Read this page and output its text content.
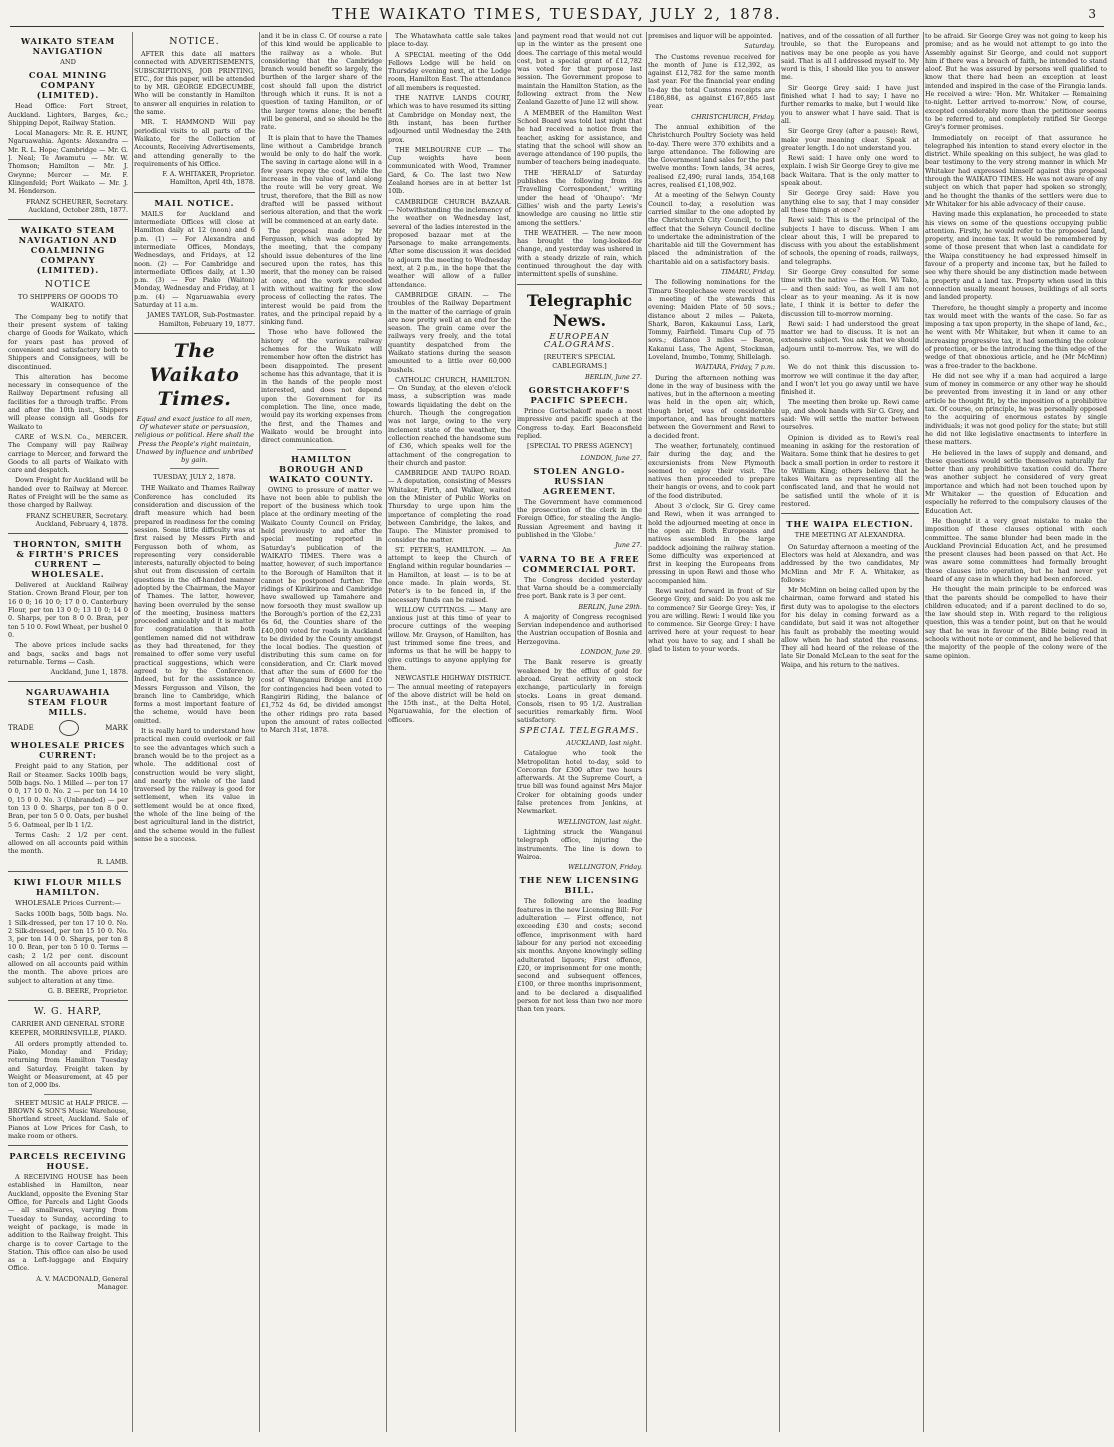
THE WAIKATO TIMES, TUESDAY, JULY 2, 1878.	3
WAIKATO STEAM NAVIGATION
AND
COAL MINING COMPANY (LIMITED).

Head Office: Fort Street, Auckland. Lighters, Barges, &c.; Shipping Depot, Railway Station.

Local Managers: Mr. R. E. HUNT, Ngaruawahia. Agents: Alexandra — Mr. R. L. Hope; Cambridge — Mr. G. J. Neal; Te Awamutu — Mr. W. Thomson; Hamilton — Mr. J. Gwynne; Mercer — Mr. F. Klingenfeld; Port Waikato — Mr. J. M. Henderson.

FRANZ SCHEURER, Secretary. Auckland, October 28th, 1877.
WAIKATO STEAM NAVIGATION AND COALMINING COMPANY (LIMITED).
NOTICE
TO SHIPPERS OF GOODS TO WAIKATO.

The Company beg to notify that their present system of taking charge of Goods for Waikato, which for years past has proved of convenient and satisfactory both to Shippers and Consignees, will be discontinued.

This alteration has become necessary in consequence of the Railway Department refusing all facilities for a through traffic. From and after the 10th inst., Shippers will please consign all Goods for Waikato to

CARE of W.S.N. Co., MERCER. The Company will pay Railway carriage to Mercer, and forward the Goods to all parts of Waikato with care and despatch.

Down Freight for Auckland will be handed over to Railway at Mercer. Rates of Freight will be the same as those charged by Railway.

FRANZ SCHEURER, Secretary. Auckland, February 4, 1878.
THORNTON, SMITH & FIRTH'S PRICES CURRENT — WHOLESALE.

Delivered at Auckland Railway Station. Crown Brand Flour, per ton 16 0 0; 16 10 0; 17 0 0. Canterbury Flour, per ton 13 0 0; 13 10 0; 14 0 0. Sharps, per ton 8 0 0. Bran, per ton 5 10 0. Fowl Wheat, per bushel 0 0.

The above prices include sacks and bags, sacks and bags not returnable. Terms — Cash.

Auckland, June 1, 1878.
NGARUAWAHIA STEAM FLOUR MILLS.
TRADE	MARK
WHOLESALE PRICES CURRENT:

Freight paid to any Station, per Rail or Steamer. Sacks 100lb bags, 50lb bags. No. 1 Milled — per ton 17 0 0, 17 10 0. No. 2 — per ton 14 10 0, 15 0 0. No. 3 (Unbranded) — per ton 13 0 0. Sharps, per ton 8 0 0. Bran, per ton 5 0 0. Oats, per bushel 5 6. Oatmeal, per lb 1 1/2.

Terms Cash: 2 1/2 per cent. allowed on all accounts paid within the month.

R. LAMB.
KIWI FLOUR MILLS HAMILTON.
WHOLESALE Prices Current:—

Sacks 100lb bags, 50lb bags. No. 1 Silk-dressed, per ton 17 10 0. No. 2 Silk-dressed, per ton 15 10 0. No. 3, per ton 14 0 0. Sharps, per ton 8 10 0. Bran, per ton 5 10 0. Terms — cash; 2 1/2 per cent. discount allowed on all accounts paid within the month. The above prices are subject to alteration at any time.

G. B. BEERE, Proprietor.
W. G. HARP,
CARRIER AND GENERAL STORE KEEPER, MORRINSVILLE, PIAKO.

All orders promptly attended to. Piako, Monday and Friday; returning from Hamilton Tuesday and Saturday. Freight taken by Weight or Measurement, at 45 per ton of 2,000 lbs.

SHEET MUSIC at HALF PRICE. — BROWN & SON'S Music Warehouse, Shortland street, Auckland. Sale of Pianos at Low Prices for Cash, to make room or others.

PARCELS RECEIVING HOUSE.

A RECEIVING HOUSE has been established in Hamilton, near Auckland, opposite the Evening Star Office, for Parcels and Light Goods — all smallwares, varying from Tuesday to Sunday, according to weight of package, is made in addition to the Railway freight. This charge is to cover Cartage to the Station. This office can also be used as a Left-luggage and Enquiry Office.

A. V. MACDONALD, General Manager.
NOTICE.

AFTER this date all matters connected with ADVERTISEMENTS, SUBSCRIPTIONS, JOB PRINTING, ETC., for this paper, will be attended to by MR. GEORGE EDGECUMBE, Who will be constantly in Hamilton to answer all enquiries in relation to the same.

MR. T. HAMMOND Will pay periodical visits to all parts of the Waikato, for the Collection of Accounts, Receiving Advertisements, and attending generally to the requirements of his Office.

F. A. WHITAKER, Proprietor. Hamilton, April 4th, 1878.
MAIL NOTICE.

MAILS for Auckland and intermediate Offices will close at Hamilton daily at 12 (noon) and 6 p.m. (1) — For Alexandra and intermediate Offices, Mondays, Wednesdays, and Fridays, at 12 noon. (2) — For Cambridge and intermediate Offices daily, at 1.30 p.m. (3) — For Piako (Waiton) Monday, Wednesday and Friday, at 1 p.m. (4) — Ngaruawahia every Saturday at 11 a.m.

JAMES TAYLOR, Sub-Postmaster. Hamilton, February 19, 1877.
The Waikato Times.
Equal and exact justice to all men, Of whatever state or persuasion, religious or political. Here shall the Press the People's right maintain, Unawed by influence and unbribed by gain.
TUESDAY, JULY 2, 1878.

THE Waikato and Thames Railway Conference has concluded its consideration and discussion of the draft measure which had been prepared in readiness for the coming session. Some little difficulty was at first raised by Messrs Firth and Fergusson both of whom, as representing very considerable interests, naturally objected to being shut out from discussion of certain questions in the off-handed manner adopted by the Chairman, the Mayor of Thames. The latter, however, having been overruled by the sense of the meeting, business matters proceeded amicably and it is matter for congratulation that both gentlemen named did not withdraw as they had threatened, for they remained to offer some very useful practical suggestions, which were agreed to by the Conference. Indeed, but for the assistance by Messrs Fergusson and Vilson, the branch line to Cambridge, which forms a most important feature of the scheme, would have been omitted.

It is really hard to understand how practical men could overlook or fail to see the advantages which such a branch would be to the project as a whole. The additional cost of construction would be very slight, and nearly the whole of the land traversed by the railway is good for settlement, when its value in settlement would be at once fixed, the whole of the line being of the best agricultural land in the district, and the scheme would in the fullest sense be a success.

and it be in class C. Of course a rate of this kind would be applicable to the railway as a whole. But considering that the Cambridge branch would benefit so largely, the burthen of the larger share of the cost should fall upon the district through which it runs. It is not a question of taxing Hamilton, or of the larger towns alone; the benefit will be general, and so should be the rate.

It is plain that to have the Thames line without a Cambridge branch would be only to do half the work. The saving in cartage alone will in a few years repay the cost, while the increase in the value of land along the route will be very great. We trust, therefore, that the Bill as now drafted will be passed without serious alteration, and that the work will be commenced at an early date.

The proposal made by Mr Fergusson, which was adopted by the meeting, that the company should issue debentures of the line secured upon the rates, has this merit, that the money can be raised at once, and the work proceeded with without waiting for the slow process of collecting the rates. The interest would be paid from the rates, and the principal repaid by a sinking fund.

Those who have followed the history of the various railway schemes for the Waikato will remember how often the district has been disappointed. The present scheme has this advantage, that it is in the hands of the people most interested, and does not depend upon the Government for its completion. The line, once made, would pay its working expenses from the first, and the Thames and Waikato would be brought into direct communication.

HAMILTON BOROUGH AND WAIKATO COUNTY.

OWING to pressure of matter we have not been able to publish the report of the business which took place at the ordinary meeting of the Waikato County Council on Friday, held previously to and after the special meeting reported in Saturday's publication of the WAIKATO TIMES. There was a matter, however, of such importance to the Borough of Hamilton that it cannot be postponed further. The ridings of Kirikiriroa and Cambridge have swallowed up Tamahere and now forsooth they must swallow up the Borough's portion of the £2,231 6s 6d, the Counties share of the £40,000 voted for roads in Auckland to be divided by the County amongst the local bodies. The question of distributing this sum came on for consideration, and Cr. Clark moved that after the sum of £600 for the cost of Wanganui Bridge and £100 for contingencies had been voted to Rangiriri Riding, the balance of £1,752 4s 6d, be divided amongst the other ridings pro rata based upon the amount of rates collected to March 31st, 1878.

The Whatawhata cattle sale takes place to-day.

A SPECIAL meeting of the Odd Fellows Lodge will be held on Thursday evening next, at the Lodge room, Hamilton East. The attendance of all members is requested.

THE NATIVE LANDS COURT, which was to have resumed its sitting at Cambridge on Monday next, the 8th instant, has been further adjourned until Wednesday the 24th prox.

THE MELBOURNE CUP. — The Cup weights have been communicated with Wood, Tramner Gard, & Co. The last two New Zealand horses are in at better 1st 10lb.

CAMBRIDGE CHURCH BAZAAR. — Notwithstanding the inclemency of the weather on Wednesday last, several of the ladies interested in the proposed bazaar met at the Parsonage to make arrangements. After some discussion it was decided to adjourn the meeting to Wednesday next, at 2 p.m., in the hope that the weather will allow of a fuller attendance.

CAMBRIDGE GRAIN. — The troubles of the Railway Department in the matter of the carriage of grain are now pretty well at an end for the season. The grain came over the railways very freely, and the total quantity despatched from the Waikato stations during the season amounted to a little over 60,000 bushels.

CATHOLIC CHURCH, HAMILTON. — On Sunday, at the eleven o'clock mass, a subscription was made towards liquidating the debt on the church. Though the congregation was not large, owing to the very inclement state of the weather, the collection reached the handsome sum of £36, which speaks well for the attachment of the congregation to their church and pastor.

CAMBRIDGE AND TAUPO ROAD. — A deputation, consisting of Messrs Whitaker, Firth, and Walker, waited on the Minister of Public Works on Thursday to urge upon him the importance of completing the road between Cambridge, the lakes, and Taupo. The Minister promised to consider the matter.

ST. PETER'S, HAMILTON. — An attempt to keep the Church of England within regular boundaries — in Hamilton, at least — is to be at once made. In plain words, St. Peter's is to be fenced in, if the necessary funds can be raised.

WILLOW CUTTINGS. — Many are anxious just at this time of year to procure cuttings of the weeping willow. Mr. Grayson, of Hamilton, has just trimmed some fine trees, and informs us that he will be happy to give cuttings to anyone applying for them.

NEWCASTLE HIGHWAY DISTRICT. — The annual meeting of ratepayers of the above district will be held on the 15th inst., at the Delta Hotel, Ngaruawahia, for the election of officers.

and payment road that would not cut up in the winter as the present one does. The carriage of this metal would cost, but a special grant of £12,782 was voted for that purpose last session. The Government propose to maintain the Hamilton Station, as the following extract from the New Zealand Gazette of June 12 will show.

A MEMBER of the Hamilton West School Board was told last night that he had received a notice from the teacher, asking for assistance, and stating that the school will show an average attendance of 190 pupils, the number of teachers being inadequate.

THE 'HERALD' of Saturday publishes the following from its 'Travelling Correspondent,' writing under the head of 'Ohaupo': 'Mr Gillies' wish and the party Lewis's knowledge are causing no little stir among the settlers.'

THE WEATHER. — The new moon has brought the long-looked-for change, and yesterday was ushered in with a steady drizzle of rain, which continued throughout the day with intermittent spells of sunshine.

Telegraphic News.
EUROPEAN CALOGRAMS.
[REUTER'S SPECIAL CABLEGRAMS.]
BERLIN, June 27.
GORSTCHAKOFF'S PACIFIC SPEECH.

Prince Gortschakoff made a most impressive and pacific speech at the Congress to-day. Earl Beaconsfield replied.

[SPECIAL TO PRESS AGENCY]
LONDON, June 27.
STOLEN ANGLO-RUSSIAN AGREEMENT.

The Government have commenced the prosecution of the clerk in the Foreign Office, for stealing the Anglo-Russian Agreement and having it published in the 'Globe.'

June 27.
VARNA TO BE A FREE COMMERCIAL PORT.

The Congress decided yesterday that Varna should be a commercially free port. Bank rate is 3 per cent.

BERLIN, June 29th.

A majority of Congress recognised Servian independence and authorised the Austrian occupation of Bosnia and Herzegovina.

LONDON, June 29.

The Bank reserve is greatly weakened by the efflux of gold for abroad. Great activity on stock exchange, particularly in foreign stocks. Loans in great demand. Consols, risen to 95 1/2. Australian securities remarkably firm. Wool satisfactory.

SPECIAL TELEGRAMS.
AUCKLAND, last night.

Catalogue who took the Metropolitan hotel to-day, sold to Corcoran for £300 after two hours afterwards. At the Supreme Court, a true bill was found against Mrs Major Croker for obtaining goods under false pretences from Jenkins, at Newmarket.

WELLINGTON, last night.

Lightning struck the Wanganui telegraph office, injuring the instruments. The line is down to Wairoa.

WELLINGTON, Friday.
THE NEW LICENSING BILL.

The following are the leading features in the new Licensing Bill: For adulteration — First offence, not exceeding £30 and costs; second offence, imprisonment with hard labour for any period not exceeding six months. Anyone knowingly selling adulterated liquors; First offence, £20, or imprisonment for one month; second and subsequent offences, £100, or three months imprisonment, and to be declared a disqualified person for not less than two nor more than ten years.

premises and liquor will be appointed.

Saturday.

The Customs revenue received for the month of June is £12,392, as against £12,782 for the same month last year. For the financial year ending to-day the total Customs receipts are £186,884, as against £167,865 last year.

CHRISTCHURCH, Friday.

The annual exhibition of the Christchurch Poultry Society was held to-day. There were 370 exhibits and a large attendance. The following are the Government land sales for the past twelve months: Town lands, 34 acres, realised £2,490; rural lands, 354,168 acres, realised £1,108,902.

At a meeting of the Selwyn County Council to-day, a resolution was carried similar to the one adopted by the Christchurch City Council, to the effect that the Selwyn Council decline to undertake the administration of the charitable aid till the Government has placed the administration of the charitable aid on a satisfactory basis.

TIMARU, Friday.

The following nominations for the Timaru Steeplechase were received at a meeting of the stewards this evening: Maiden Plate of 50 sovs.; distance about 2 miles — Paketa, Shark, Baron, Kakaunui Lass, Lark, Tommy, Fairfield. Timaru Cup of 75 sovs.; distance 3 miles — Baron, Kakanui Lass, The Agent, Stockman, Loveland, Inumbo, Tommy, Shillelagh.

WAITARA, Friday, 7 p.m.

During the afternoon nothing was done in the way of business with the natives, but in the afternoon a meeting was held in the open air, which, though brief, was of considerable importance, and has brought matters between the Government and Rewi to a decided front.

The weather, fortunately, continued fair during the day, and the excursionists from New Plymouth seemed to enjoy their visit. The natives then proceeded to prepare their hangis or ovens, and to cook part of the food distributed.

About 3 o'clock, Sir G. Grey came and Rewi, when it was arranged to hold the adjourned meeting at once in the open air. Both Europeans and natives assembled in the large paddock adjoining the railway station. Some difficulty was experienced at first in keeping the Europeans from pressing in upon Rewi and those who accompanied him.

Rewi waited forward in front of Sir George Grey, and said: Do you ask me to commence? Sir George Grey: Yes, if you are willing. Rewi: I would like you to commence. Sir George Grey: I have arrived here at your request to hear what you have to say, and I shall be glad to listen to your words.

natives, and of the cessation of all further trouble, so that the Europeans and natives may be one people as you have said. That is all I addressed myself to. My word is this, I should like you to answer me.

Sir George Grey said: I have just finished what I had to say; I have no further remarks to make, but I would like you to answer what I have said. That is all.

Sir George Grey (after a pause): Rewi, make your meaning clear. Speak at greater length. I do not understand you.

Rewi said: I have only one word to explain. I wish Sir George Grey to give me back Waitara. That is the only matter to speak about.

Sir George Grey said: Have you anything else to say, that I may consider all these things at once?

Rewi said: This is the principal of the subjects I have to discuss. When I am clear about this, I will be prepared to discuss with you about the establishment of schools, the opening of roads, railways, and telegraphs.

Sir George Grey consulted for some time with the native — the Hon. Wi Tako, — and then said: You, as well I am not clear as to your meaning. As it is now late, I think it is better to defer the discussion till to-morrow morning.

Rewi said: I had understood the great matter we had to discuss. It is not an extensive subject. You ask that we should adjourn until to-morrow. Yes, we will do so.

We do not think this discussion to-morrow we will continue it the day after, and I won't let you go away until we have finished it.

The meeting then broke up. Rewi came up, and shook hands with Sir G. Grey, and said: We will settle the matter between ourselves.

Opinion is divided as to Rewi's real meaning in asking for the restoration of Waitara. Some think that he desires to get back a small portion in order to restore it to William King; others believe that he takes Waitara as representing all the confiscated land, and that he would not be satisfied until the whole of it is restored.

THE WAIPA ELECTION.
THE MEETING AT ALEXANDRA.

On Saturday afternoon a meeting of the Electors was held at Alexandra, and was addressed by the two candidates, Mr McMinn and Mr F. A. Whitaker, as follows:

Mr McMinn on being called upon by the chairman, came forward and stated his first duty was to apologise to the electors for his delay in coming forward as a candidate, but said it was not altogether his fault as probably the meeting would allow when he had stated the reasons. They all had heard of the release of the late Sir Donald McLean to the seat for the Waipa, and his return to the natives.

to be afraid. Sir George Grey was not going to keep his promise; and as he would not attempt to go into the Assembly against Sir George, and could not support him if there was a breach of faith, he intended to stand aloof. But he was assured by persons well qualified to know that there had been an exception at least intended and inspired in the case of the Firangia lands. He received a wire: 'Hon. Mr. Whitaker — Remaining to-night. Letter arrived to-morrow.' Now, of course, excepted considerably more than the petitioner seems to be referred to, and completely ratified Sir George Grey's former promises.

Immediately on receipt of that assurance he telegraphed his intention to stand every elector in the district. While speaking on this subject, he was glad to bear testimony to the very strong manner in which Mr Whitaker had expressed himself against this proposal through the WAIKATO TIMES. He was not aware of any subject on which that paper had spoken so strongly, and he thought the thanks of the settlers were due to Mr Whitaker for his able advocacy of their cause.

Having made this explanation, he proceeded to state his views on some of the questions occupying public attention. Firstly, he would refer to the proposed land, property, and income tax. It would be remembered by some of those present that when last a candidate for the Waipa constituency he had expressed himself in favour of a property and income tax, but he failed to see why there should be any distinction made between a property and a land tax. Property when used in this connection usually meant houses, buildings of all sorts and landed property.

Therefore, he thought simply a property and income tax would meet with the wants of the case. So far as imposing a tax upon property, in the shape of land, &c., he went with Mr Whitaker, but when it came to an increasing progressive tax, it had something the colour of protection, or be the introducing the thin edge of the wedge of that obnoxious article, and he (Mr McMinn) was a free-trader to the backbone.

He did not see why if a man had acquired a large sum of money in commerce or any other way he should be prevented from investing it in land or any other article he thought fit, by the imposition of a prohibitive tax. Of course, on principle, he was personally opposed to the acquiring of enormous estates by single individuals; it was not good policy for the state; but still he did not like legislative enactments to interfere in these matters.

He believed in the laws of supply and demand, and these questions would settle themselves naturally far better than any prohibitive taxation could do. There was another subject he considered of very great importance and which had not been touched upon by Mr Whitaker — the question of Education and especially he referred to the compulsory clauses of the Education Act.

He thought it a very great mistake to make the imposition of these clauses optional with each committee. The same blunder had been made in the Auckland Provincial Education Act, and he presumed the present clauses had been passed on that Act. He was aware some committees had formally brought these clauses into operation, but he had never yet heard of any case in which they had been enforced.

He thought the main principle to be enforced was that the parents should be compelled to have their children educated; and if a parent declined to do so, the law should step in. With regard to the religious question, this was a tender point, but on that he would say that he was in favour of the Bible being read in schools without note or comment, and he believed that the majority of the people of the colony were of the same opinion.
